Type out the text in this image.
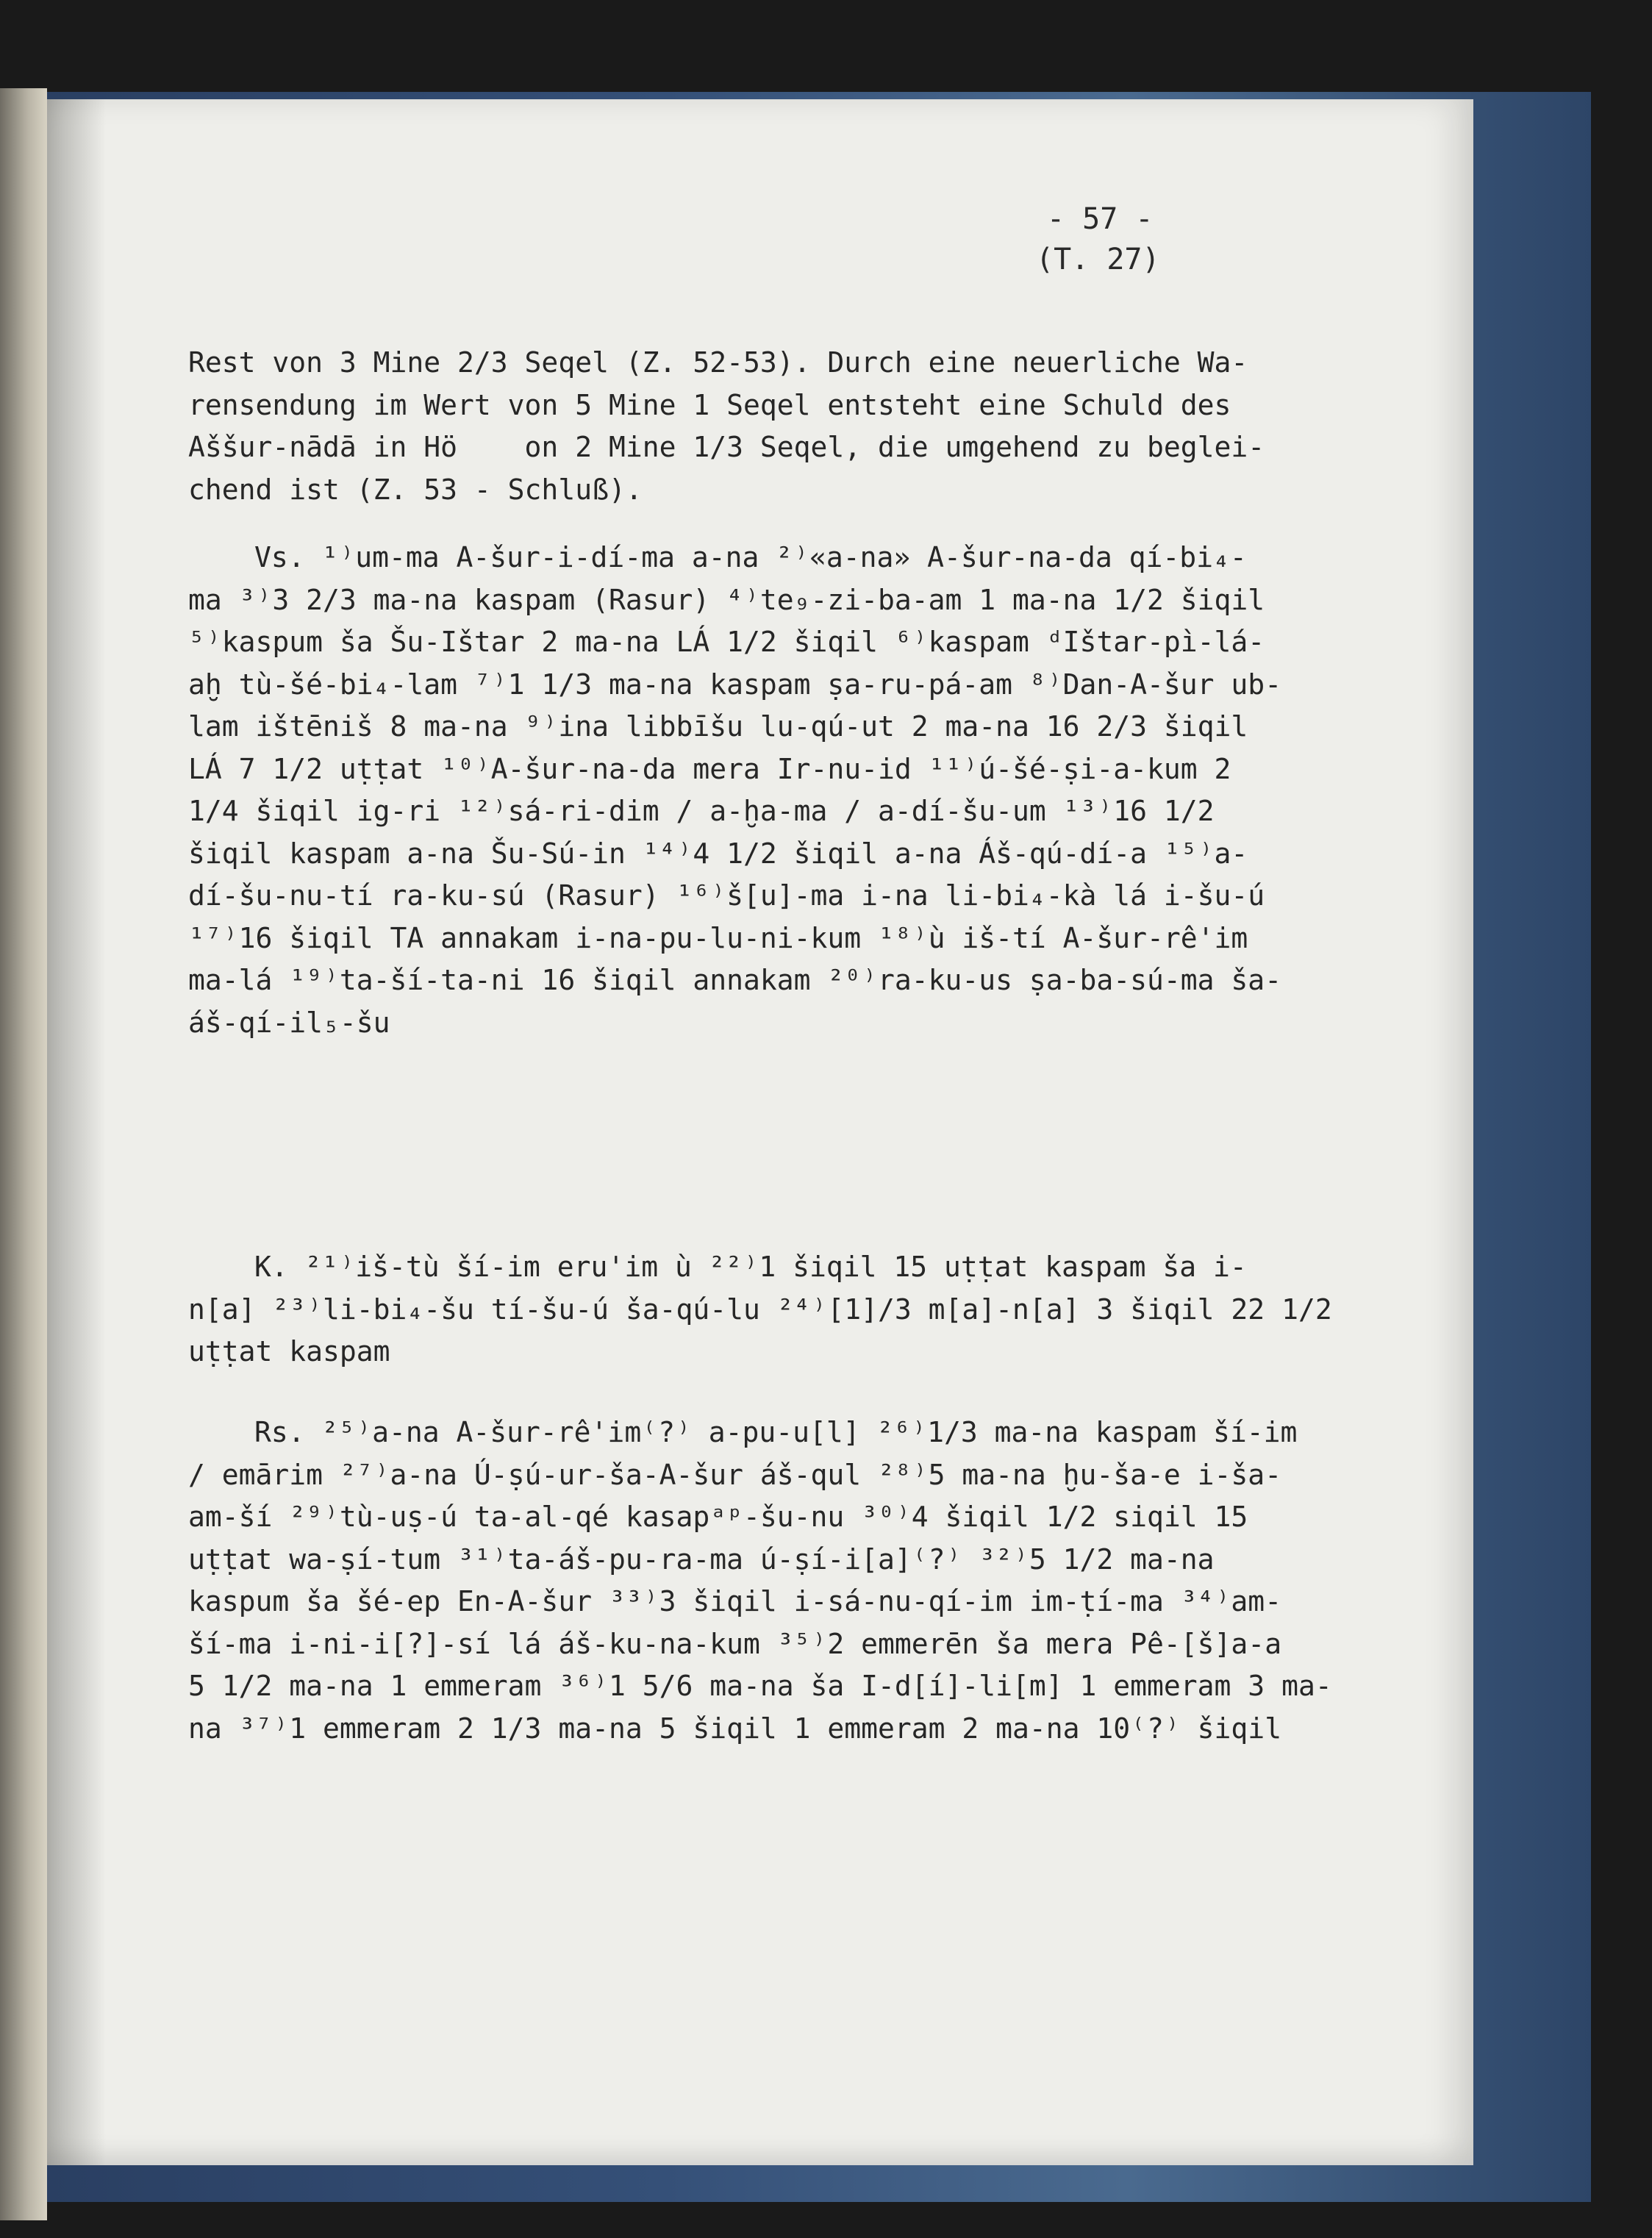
- 57 -
(T. 27)
Rest von 3 Mine 2/3 Seqel (Z. 52-53). Durch eine neuerliche Wa-
rensendung im Wert von 5 Mine 1 Seqel entsteht eine Schuld des
Aššur-nādā in Hö    on 2 Mine 1/3 Seqel, die umgehend zu beglei-
chend ist (Z. 53 - Schluß).
Vs. ¹⁾um-ma A-šur-i-dí-ma a-na ²⁾«a-na» A-šur-na-da qí-bi₄-
ma ³⁾3 2/3 ma-na kaspam (Rasur) ⁴⁾te₉-zi-ba-am 1 ma-na 1/2 šiqil
⁵⁾kaspum ša Šu-Ištar 2 ma-na LÁ 1/2 šiqil ⁶⁾kaspam ᵈIštar-pì-lá-
aḫ tù-šé-bi₄-lam ⁷⁾1 1/3 ma-na kaspam ṣa-ru-pá-am ⁸⁾Dan-A-šur ub-
lam ištēniš 8 ma-na ⁹⁾ina libbīšu lu-qú-ut 2 ma-na 16 2/3 šiqil
LÁ 7 1/2 uṭṭat ¹⁰⁾A-šur-na-da mera Ir-nu-id ¹¹⁾ú-šé-ṣi-a-kum 2
1/4 šiqil ig-ri ¹²⁾sá-ri-dim / a-ḫa-ma / a-dí-šu-um ¹³⁾16 1/2
šiqil kaspam a-na Šu-Sú-in ¹⁴⁾4 1/2 šiqil a-na Áš-qú-dí-a ¹⁵⁾a-
dí-šu-nu-tí ra-ku-sú (Rasur) ¹⁶⁾š[u]-ma i-na li-bi₄-kà lá i-šu-ú
¹⁷⁾16 šiqil TA annakam i-na-pu-lu-ni-kum ¹⁸⁾ù iš-tí A-šur-rê'im
ma-lá ¹⁹⁾ta-ší-ta-ni 16 šiqil annakam ²⁰⁾ra-ku-us ṣa-ba-sú-ma ša-
áš-qí-il₅-šu
K. ²¹⁾iš-tù ší-im eru'im ù ²²⁾1 šiqil 15 uṭṭat kaspam ša i-
n[a] ²³⁾li-bi₄-šu tí-šu-ú ša-qú-lu ²⁴⁾[1]/3 m[a]-n[a] 3 šiqil 22 1/2
uṭṭat kaspam
Rs. ²⁵⁾a-na A-šur-rê'im⁽?⁾ a-pu-u[l] ²⁶⁾1/3 ma-na kaspam ší-im
/ emārim ²⁷⁾a-na Ú-ṣú-ur-ša-A-šur áš-qul ²⁸⁾5 ma-na ḫu-ša-e i-ša-
am-ší ²⁹⁾tù-uṣ-ú ta-al-qé kasapᵃᵖ-šu-nu ³⁰⁾4 šiqil 1/2 siqil 15
uṭṭat wa-ṣí-tum ³¹⁾ta-áš-pu-ra-ma ú-ṣí-i[a]⁽?⁾ ³²⁾5 1/2 ma-na
kaspum ša šé-ep En-A-šur ³³⁾3 šiqil i-sá-nu-qí-im im-ṭí-ma ³⁴⁾am-
ší-ma i-ni-i[?]-sí lá áš-ku-na-kum ³⁵⁾2 emmerēn ša mera Pê-[š]a-a
5 1/2 ma-na 1 emmeram ³⁶⁾1 5/6 ma-na ša I-d[í]-li[m] 1 emmeram 3 ma-
na ³⁷⁾1 emmeram 2 1/3 ma-na 5 šiqil 1 emmeram 2 ma-na 10⁽?⁾ šiqil
